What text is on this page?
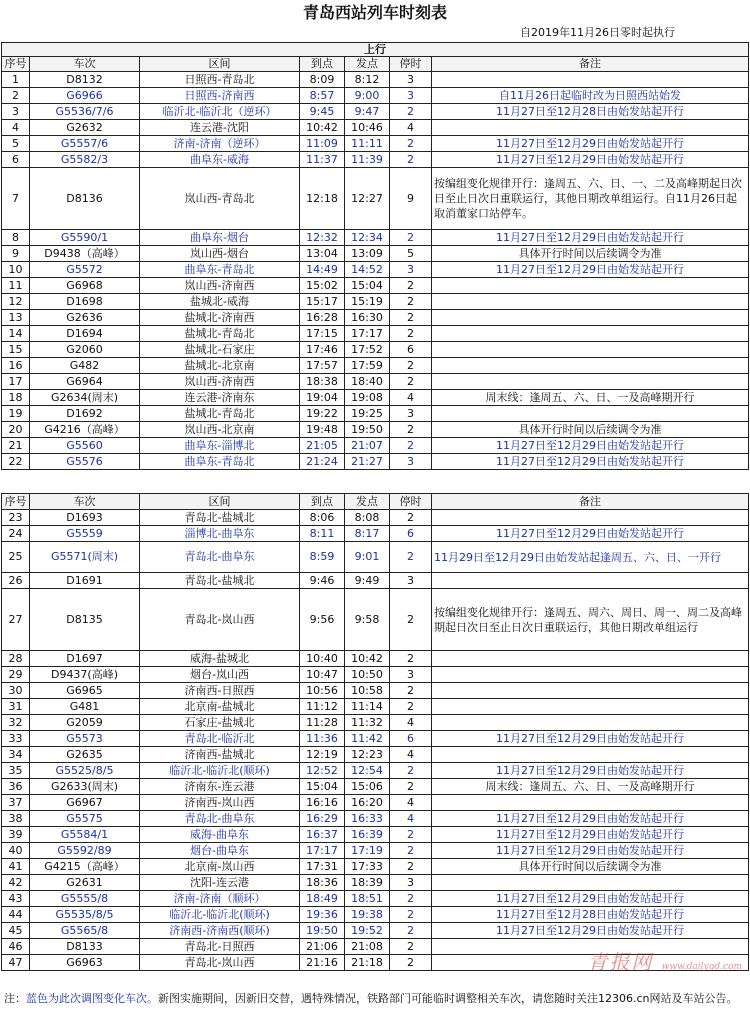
青岛西站列车时刻表
自2019年11月26日零时起执行
上行						
序号	车次	区间	到点	发点	停时	备注
1	D8132	日照西-青岛北	8:09	8:12	3	
2	G6966	日照西-济南西	8:57	9:00	3	自11月26日起临时改为日照西站始发
3	G5536/7/6	临沂北-临沂北（逆环）	9:45	9:47	2	11月27日至12月28日由始发站起开行
4	G2632	连云港-沈阳	10:42	10:46	4	
5	G5557/6	济南-济南（逆环）	11:09	11:11	2	11月27日至12月29日由始发站起开行
6	G5582/3	曲阜东-威海	11:37	11:39	2	11月27日至12月29日由始发站起开行
7	D8136	岚山西-青岛北	12:18	12:27	9	按编组变化规律开行：逢周五、六、日、一、二及高峰期起日次日至止日次日重联运行，其他日期改单组运行。自11月26日起取消董家口站停车。
8	G5590/1	曲阜东-烟台	12:32	12:34	2	11月27日至12月29日由始发站起开行
9	D9438（高峰）	岚山西-烟台	13:04	13:09	5	具体开行时间以后续调令为准
10	G5572	曲阜东-青岛北	14:49	14:52	3	11月27日至12月29日由始发站起开行
11	G6968	岚山西-济南西	15:02	15:04	2	
12	D1698	盐城北-威海	15:17	15:19	2	
13	G2636	盐城北-济南西	16:28	16:30	2	
14	D1694	盐城北-青岛北	17:15	17:17	2	
15	G2060	盐城北-石家庄	17:46	17:52	6	
16	G482	盐城北-北京南	17:57	17:59	2	
17	G6964	岚山西-济南西	18:38	18:40	2	
18	G2634(周末)	连云港-济南东	19:04	19:08	4	周末线：逢周五、六、日、一及高峰期开行
19	D1692	盐城北-青岛北	19:22	19:25	3	
20	G4216（高峰）	岚山西-北京南	19:48	19:50	2	具体开行时间以后续调令为准
21	G5560	曲阜东-淄博北	21:05	21:07	2	11月27日至12月29日由始发站起开行
22	G5576	曲阜东-青岛北	21:24	21:27	3	11月27日至12月29日由始发站起开行
序号	车次	区间	到点	发点	停时	备注
23	D1693	青岛北-盐城北	8:06	8:08	2	
24	G5559	淄博北-曲阜东	8:11	8:17	6	11月27日至12月29日由始发站起开行
25	G5571(周末)	青岛北-曲阜东	8:59	9:01	2	11月29日至12月29日由始发站起逢周五、六、日、一开行
26	D1691	青岛北-盐城北	9:46	9:49	3	
27	D8135	青岛北-岚山西	9:56	9:58	2	按编组变化规律开行：逢周五、周六、周日、周一、周二及高峰期起日次日至止日次日重联运行，其他日期改单组运行
28	D1697	威海-盐城北	10:40	10:42	2	
29	D9437(高峰)	烟台-岚山西	10:47	10:50	3	
30	G6965	济南西-日照西	10:56	10:58	2	
31	G481	北京南-盐城北	11:12	11:14	2	
32	G2059	石家庄-盐城北	11:28	11:32	4	
33	G5573	青岛北-临沂北	11:36	11:42	6	11月27日至12月29日由始发站起开行
34	G2635	济南西-盐城北	12:19	12:23	4	
35	G5525/8/5	临沂北-临沂北(顺环)	12:52	12:54	2	11月27日至12月29日由始发站起开行
36	G2633(周末)	济南东-连云港	15:04	15:06	2	周末线：逢周五、六、日、一及高峰期开行
37	G6967	济南西-岚山西	16:16	16:20	4	
38	G5575	青岛北-曲阜东	16:29	16:33	4	11月27日至12月29日由始发站起开行
39	G5584/1	威海-曲阜东	16:37	16:39	2	11月27日至12月29日由始发站起开行
40	G5592/89	烟台-曲阜东	17:17	17:19	2	11月27日至12月29日由始发站起开行
41	G4215（高峰）	北京南-岚山西	17:31	17:33	2	具体开行时间以后续调令为准
42	G2631	沈阳-连云港	18:36	18:39	3	
43	G5555/8	济南-济南（顺环）	18:49	18:51	2	11月27日至12月29日由始发站起开行
44	G5535/8/5	临沂北-临沂北(顺环)	19:36	19:38	2	11月27日至12月28日由始发站起开行
45	G5565/8	济南西-济南西(顺环)	19:50	19:52	2	11月27日至12月29日由始发站起开行
46	D8133	青岛北-日照西	21:06	21:08	2	
47	G6963	青岛北-岚山西	21:16	21:18	2		青报网 www.dailyqd.com
注：蓝色为此次调图变化车次。新图实施期间，因新旧交替，遇特殊情况，铁路部门可能临时调整相关车次，请您随时关注12306.cn网站及车站公告。
